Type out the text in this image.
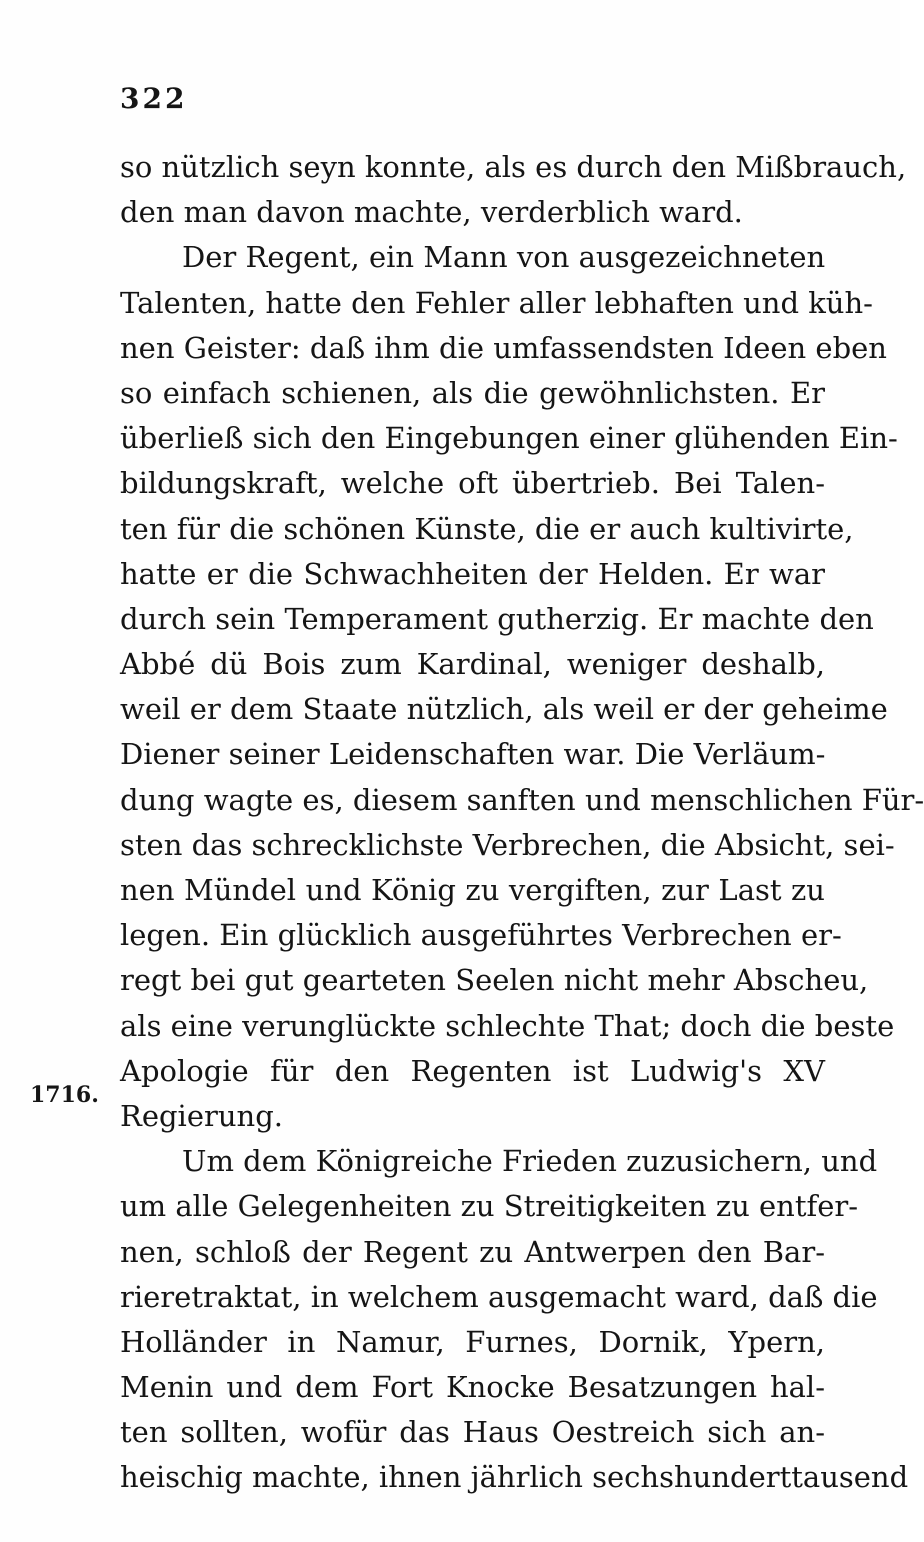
322
1716.
so nützlich seyn konnte, als es durch den Mißbrauch,
den man davon machte, verderblich ward.
Der Regent, ein Mann von ausgezeichneten
Talenten, hatte den Fehler aller lebhaften und küh-
nen Geister: daß ihm die umfassendsten Ideen eben
so einfach schienen, als die gewöhnlichsten. Er
überließ sich den Eingebungen einer glühenden Ein-
bildungskraft, welche oft übertrieb. Bei Talen-
ten für die schönen Künste, die er auch kultivirte,
hatte er die Schwachheiten der Helden. Er war
durch sein Temperament gutherzig. Er machte den
Abbé dü Bois zum Kardinal, weniger deshalb,
weil er dem Staate nützlich, als weil er der geheime
Diener seiner Leidenschaften war. Die Verläum-
dung wagte es, diesem sanften und menschlichen Für-
sten das schrecklichste Verbrechen, die Absicht, sei-
nen Mündel und König zu vergiften, zur Last zu
legen. Ein glücklich ausgeführtes Verbrechen er-
regt bei gut gearteten Seelen nicht mehr Abscheu,
als eine verunglückte schlechte That; doch die beste
Apologie für den Regenten ist Ludwig's XV
Regierung.
Um dem Königreiche Frieden zuzusichern, und
um alle Gelegenheiten zu Streitigkeiten zu entfer-
nen, schloß der Regent zu Antwerpen den Bar-
rieretraktat, in welchem ausgemacht ward, daß die
Holländer in Namur, Furnes, Dornik, Ypern,
Menin und dem Fort Knocke Besatzungen hal-
ten sollten, wofür das Haus Oestreich sich an-
heischig machte, ihnen jährlich sechshunderttausend
